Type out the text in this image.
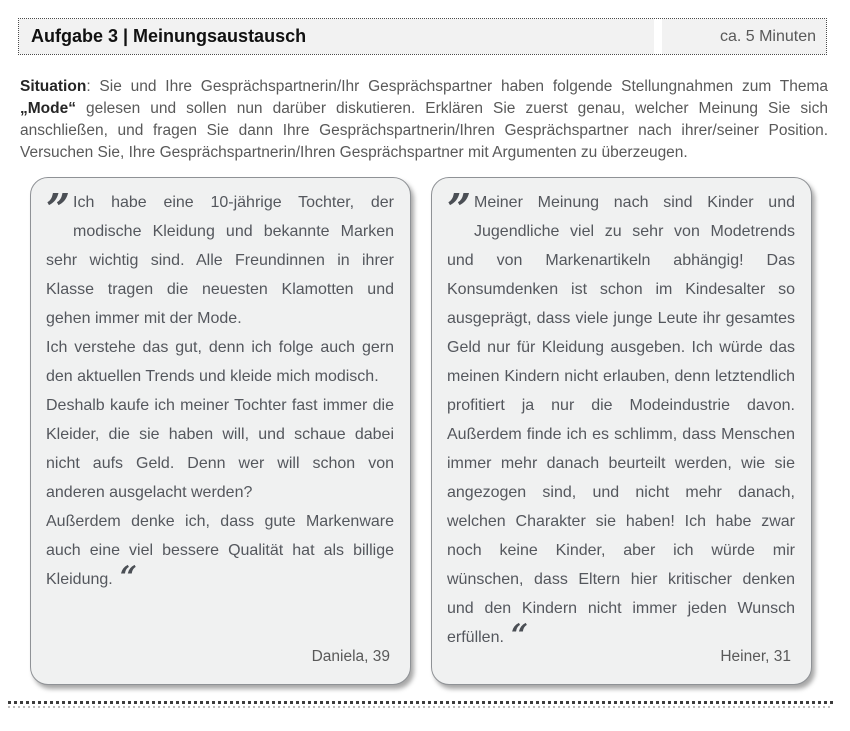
Aufgabe 3 | Meinungsaustausch	ca. 5 Minuten

Situation: Sie und Ihre Gesprächspartnerin/Ihr Gesprächspartner haben folgende Stellungnahmen zum Thema „Mode“ gelesen und sollen nun darüber diskutieren. Erklären Sie zuerst genau, welcher Meinung Sie sich anschließen, und fragen Sie dann Ihre Gesprächspartnerin/Ihren Gesprächspartner nach ihrer/seiner Position. Versuchen Sie, Ihre Gesprächspartnerin/Ihren Gesprächspartner mit Argumenten zu überzeugen.

” Ich habe eine 10-jährige Tochter, der modische Kleidung und bekannte Marken sehr wichtig sind. Alle Freundinnen in ihrer Klasse tragen die neuesten Klamotten und gehen immer mit der Mode.

Ich verstehe das gut, denn ich folge auch gern den aktuellen Trends und kleide mich modisch.

Deshalb kaufe ich meiner Tochter fast immer die Kleider, die sie haben will, und schaue dabei nicht aufs Geld. Denn wer will schon von anderen ausgelacht werden?

Außerdem denke ich, dass gute Markenware auch eine viel bessere Qualität hat als billige Kleidung. “

Daniela, 39

” Meiner Meinung nach sind Kinder und Jugendliche viel zu sehr von Modetrends und von Markenartikeln abhängig! Das Konsumdenken ist schon im Kindesalter so ausgeprägt, dass viele junge Leute ihr gesamtes Geld nur für Kleidung ausgeben. Ich würde das meinen Kindern nicht erlauben, denn letztendlich profitiert ja nur die Modeindustrie davon. Außerdem finde ich es schlimm, dass Menschen immer mehr danach beurteilt werden, wie sie angezogen sind, und nicht mehr danach, welchen Charakter sie haben! Ich habe zwar noch keine Kinder, aber ich würde mir wünschen, dass Eltern hier kritischer denken und den Kindern nicht immer jeden Wunsch erfüllen. “

Heiner, 31
